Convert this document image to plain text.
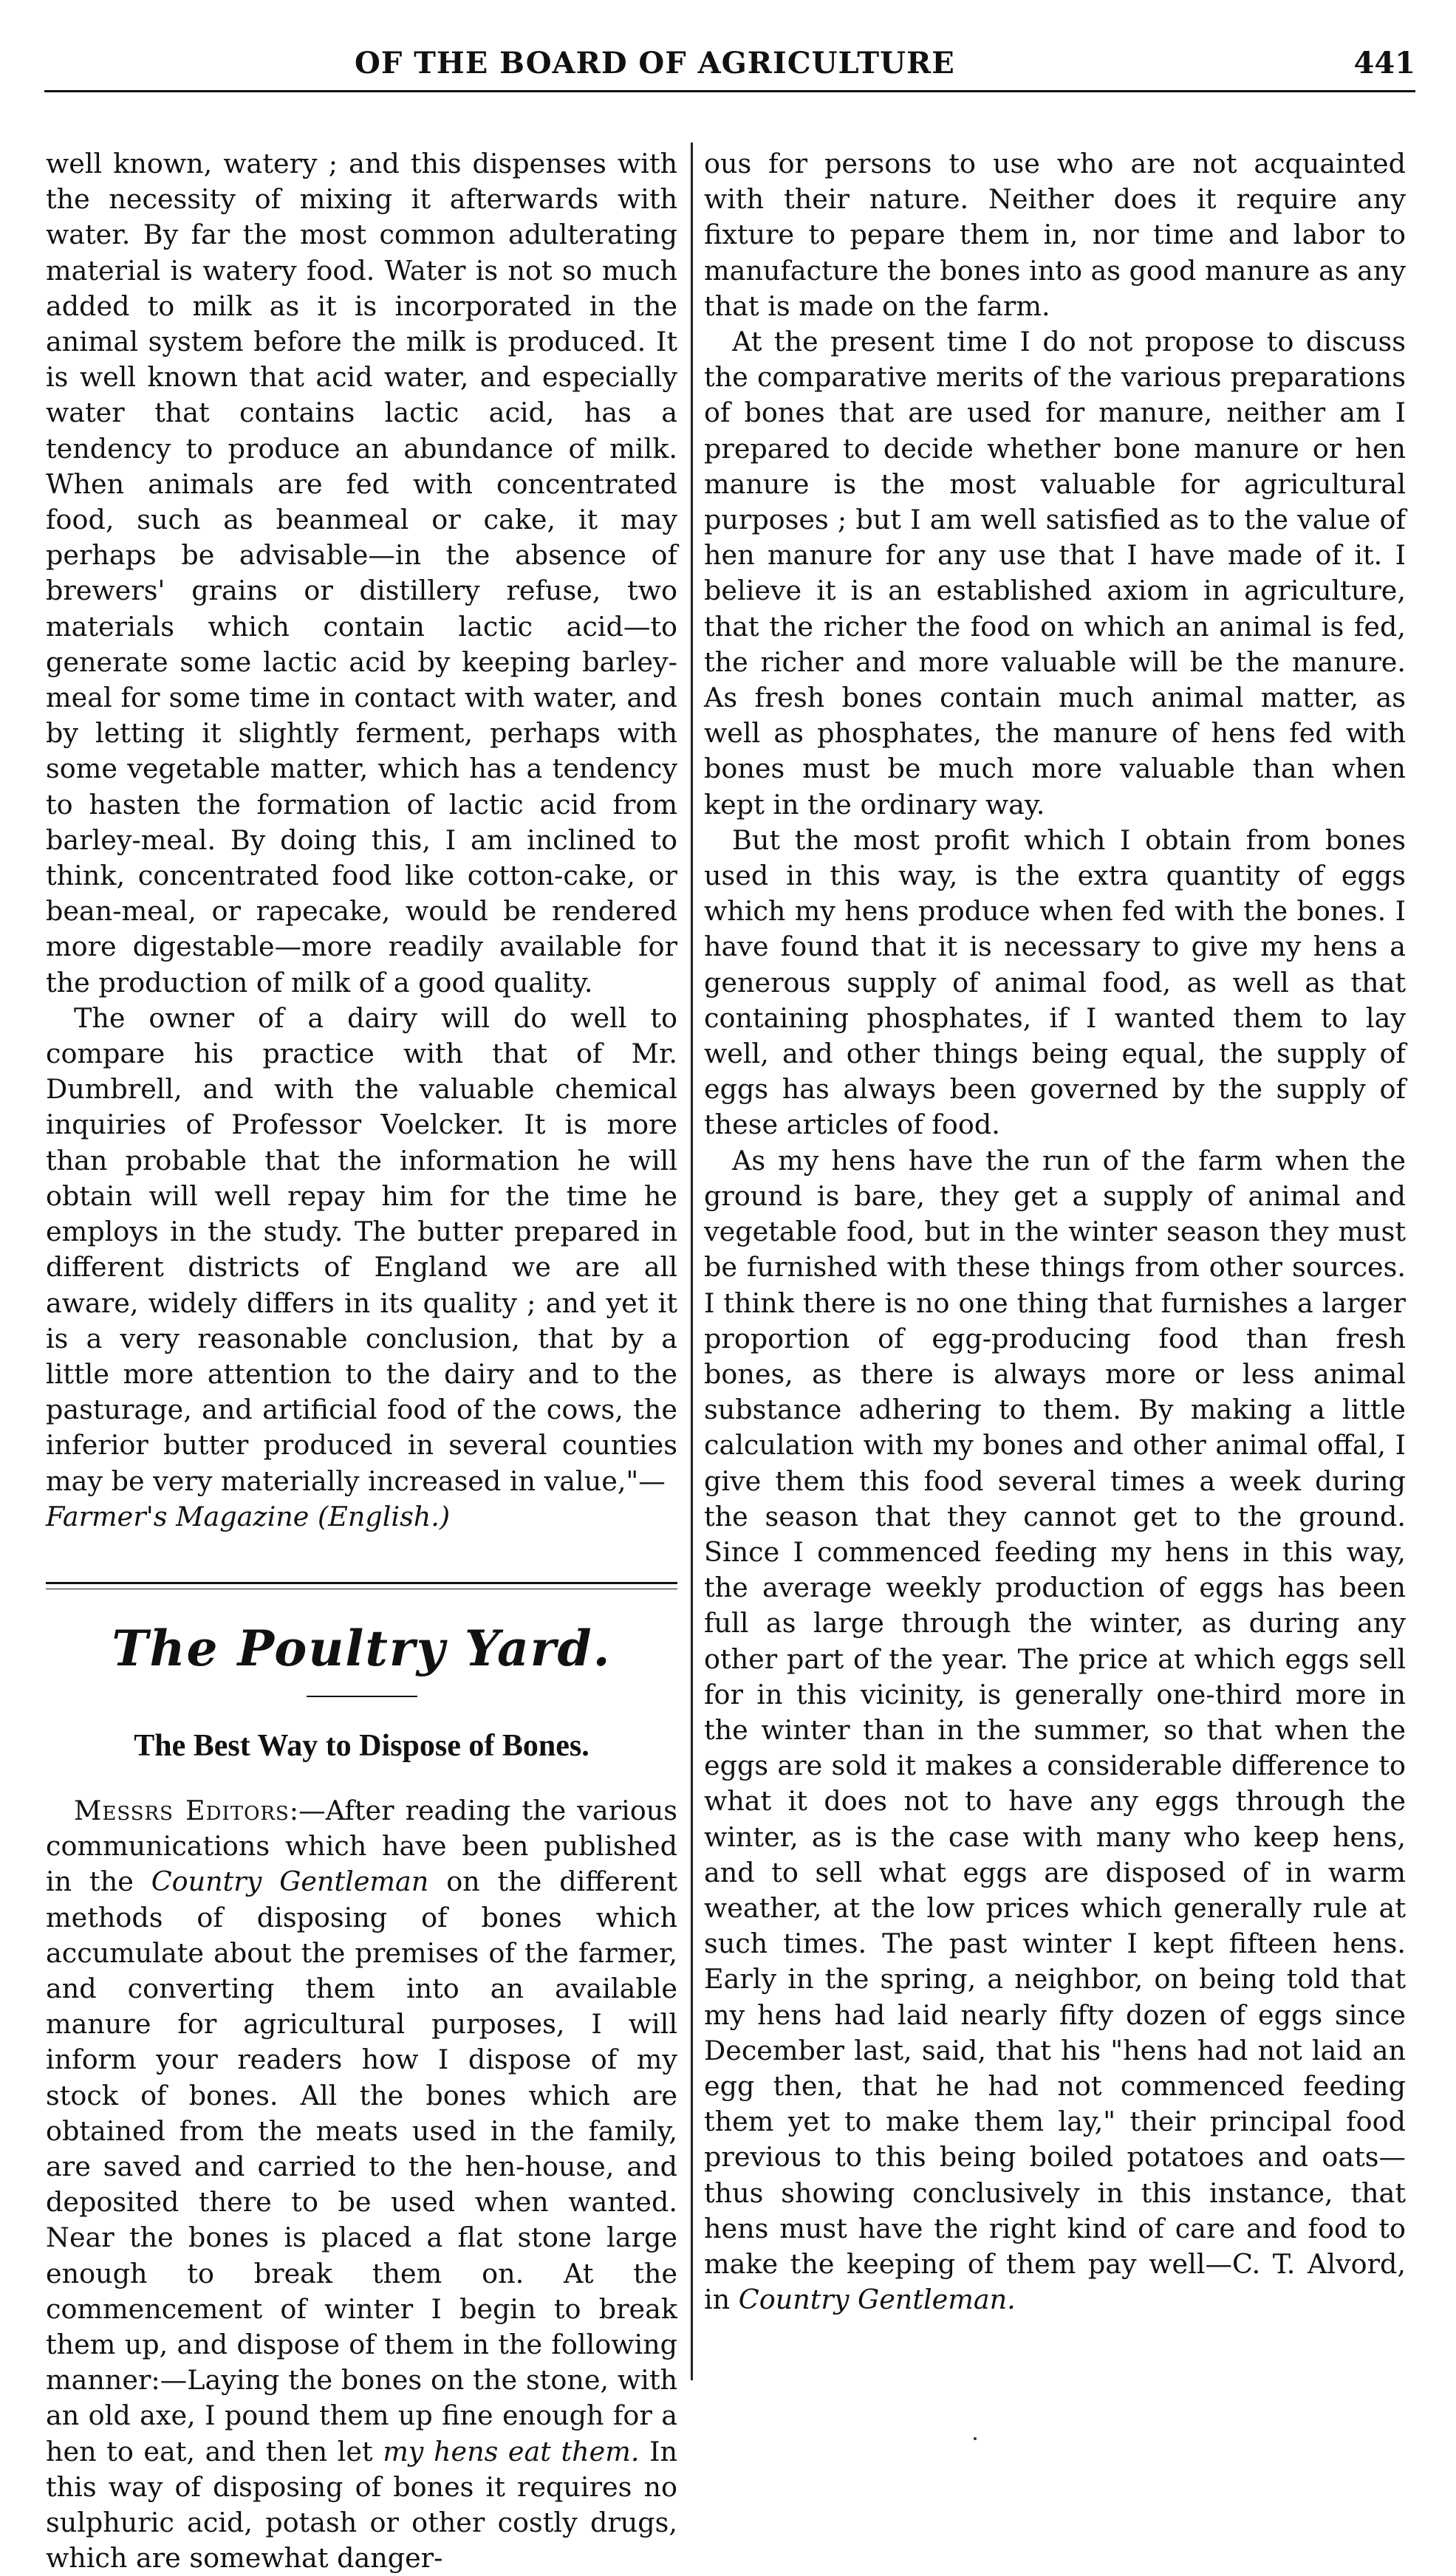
OF THE BOARD OF AGRICULTURE	441

well known, watery ; and this dispenses with the necessity of mixing it afterwards with water. By far the most common adulterating material is watery food. Water is not so much added to milk as it is incorporated in the animal system before the milk is produced. It is well known that acid water, and especially water that contains lactic acid, has a tendency to produce an abundance of milk. When animals are fed with concentrated food, such as beanmeal or cake, it may perhaps be advisable—in the absence of brewers' grains or distillery refuse, two materials which contain lactic acid—to generate some lactic acid by keeping barley-meal for some time in contact with water, and by letting it slightly ferment, perhaps with some vegetable matter, which has a tendency to hasten the formation of lactic acid from barley-meal. By doing this, I am inclined to think, concentrated food like cotton-cake, or bean-meal, or rapecake, would be rendered more digestable—more readily available for the production of milk of a good quality.

The owner of a dairy will do well to compare his practice with that of Mr. Dumbrell, and with the valuable chemical inquiries of Professor Voelcker. It is more than probable that the information he will obtain will well repay him for the time he employs in the study. The butter prepared in different districts of England we are all aware, widely differs in its quality ; and yet it is a very reasonable conclusion, that by a little more attention to the dairy and to the pasturage, and artificial food of the cows, the inferior butter produced in several counties may be very materially increased in value,"—
Farmer's Magazine (English.)

The Poultry Yard.
The Best Way to Dispose of Bones.

Messrs Editors:—After reading the various communications which have been published in the Country Gentleman on the different methods of disposing of bones which accumulate about the premises of the farmer, and converting them into an available manure for agricultural purposes, I will inform your readers how I dispose of my stock of bones. All the bones which are obtained from the meats used in the family, are saved and carried to the hen-house, and deposited there to be used when wanted. Near the bones is placed a flat stone large enough to break them on. At the commencement of winter I begin to break them up, and dispose of them in the following manner:—Laying the bones on the stone, with an old axe, I pound them up fine enough for a hen to eat, and then let my hens eat them. In this way of disposing of bones it requires no sulphuric acid, potash or other costly drugs, which are somewhat danger-

ous for persons to use who are not acquainted with their nature. Neither does it require any fixture to pepare them in, nor time and labor to manufacture the bones into as good manure as any that is made on the farm.

At the present time I do not propose to discuss the comparative merits of the various preparations of bones that are used for manure, neither am I prepared to decide whether bone manure or hen manure is the most valuable for agricultural purposes ; but I am well satisfied as to the value of hen manure for any use that I have made of it. I believe it is an established axiom in agriculture, that the richer the food on which an animal is fed, the richer and more valuable will be the manure. As fresh bones contain much animal matter, as well as phosphates, the manure of hens fed with bones must be much more valuable than when kept in the ordinary way.

But the most profit which I obtain from bones used in this way, is the extra quantity of eggs which my hens produce when fed with the bones. I have found that it is necessary to give my hens a generous supply of animal food, as well as that containing phosphates, if I wanted them to lay well, and other things being equal, the supply of eggs has always been governed by the supply of these articles of food.

As my hens have the run of the farm when the ground is bare, they get a supply of animal and vegetable food, but in the winter season they must be furnished with these things from other sources. I think there is no one thing that furnishes a larger proportion of egg-producing food than fresh bones, as there is always more or less animal substance adhering to them. By making a little calculation with my bones and other animal offal, I give them this food several times a week during the season that they cannot get to the ground. Since I commenced feeding my hens in this way, the average weekly production of eggs has been full as large through the winter, as during any other part of the year. The price at which eggs sell for in this vicinity, is generally one-third more in the winter than in the summer, so that when the eggs are sold it makes a considerable difference to what it does not to have any eggs through the winter, as is the case with many who keep hens, and to sell what eggs are disposed of in warm weather, at the low prices which generally rule at such times. The past winter I kept fifteen hens. Early in the spring, a neighbor, on being told that my hens had laid nearly fifty dozen of eggs since December last, said, that his "hens had not laid an egg then, that he had not commenced feeding them yet to make them lay," their principal food previous to this being boiled potatoes and oats—thus showing conclusively in this instance, that hens must have the right kind of care and food to make the keeping of them pay well—C. T. Alvord, in Country Gentleman.
